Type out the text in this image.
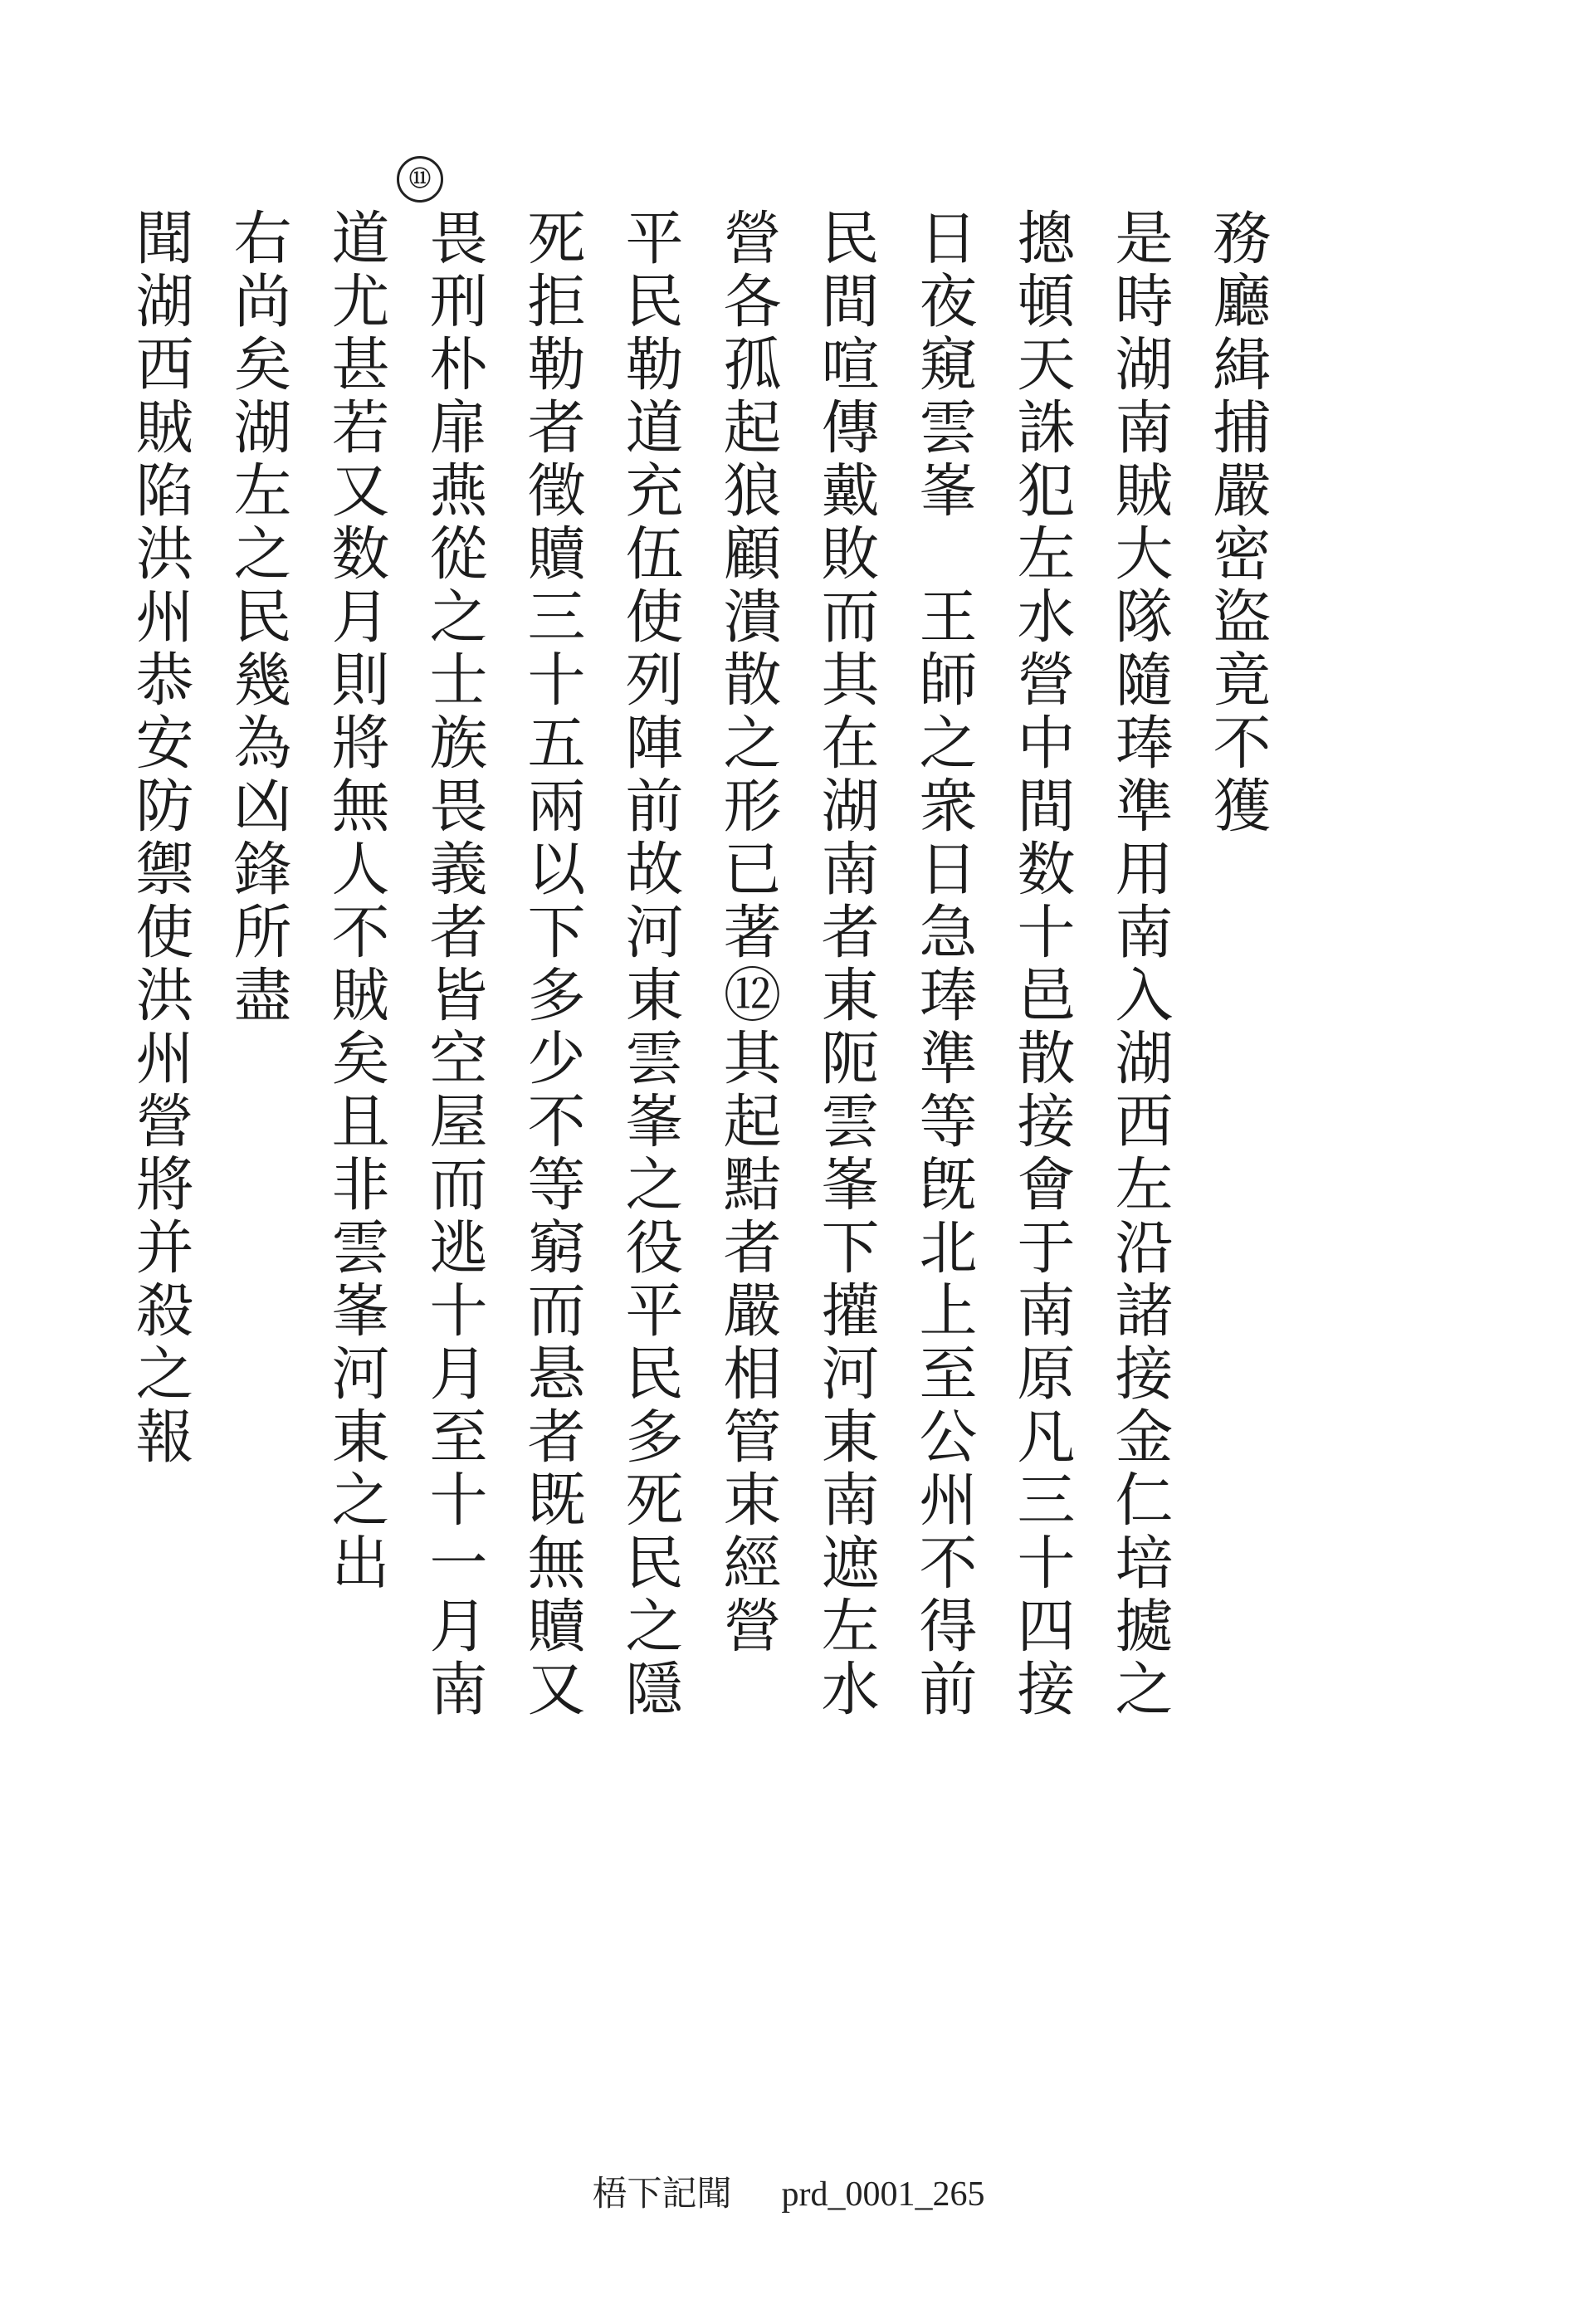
⑪
務廳緝捕嚴密盜竟不獲
是時湖南賊大隊隨琫準用南入湖西左沿諸接金仁培㨿之
摠頓天誅犯左水營中間数十邑散接會于南原凡三十四接
日夜窺雲峯　王師之衆日急琫準等旣北上至公州不得前
民間喧傳戴敗而其在湖南者東阨雲峯下㩲河東南遮左水
營各孤起狼顧潰散之形已著⑫其起黠者嚴相管束經營
平民勒道充伍使列陣前故河東雲峯之役平民多死民之隱
死拒勒者徵贖三十五兩以下多少不等窮而悬者既無贖又
畏刑朴扉燕從之士族畏義者皆空屋而逃十月至十一月南
道尤甚若又数月則將無人不賊矣且非雲峯河東之出
右尚矣湖左之民幾為凶鋒所盡
聞湖西賊陷洪州恭安防禦使洪州營將并殺之報
梧下記聞 prd_0001_265
